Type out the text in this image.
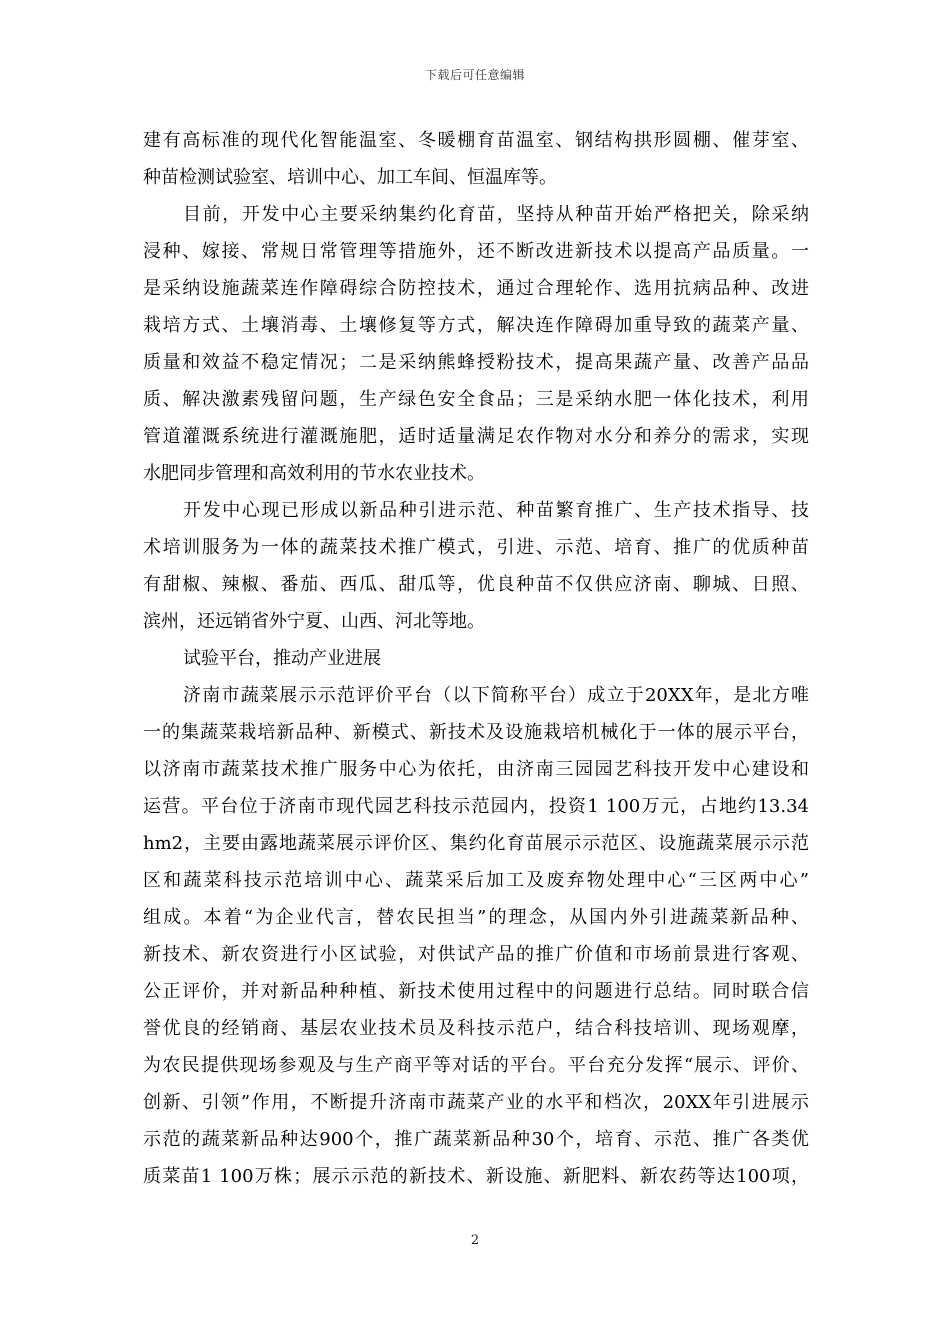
下载后可任意编辑
建有高标准的现代化智能温室、冬暖棚育苗温室、钢结构拱形圆棚、催芽室、
种苗检测试验室、培训中心、加工车间、恒温库等。
目前，开发中心主要采纳集约化育苗，坚持从种苗开始严格把关，除采纳
浸种、嫁接、常规日常管理等措施外，还不断改进新技术以提高产品质量。一
是采纳设施蔬菜连作障碍综合防控技术，通过合理轮作、选用抗病品种、改进
栽培方式、土壤消毒、土壤修复等方式，解决连作障碍加重导致的蔬菜产量、
质量和效益不稳定情况；二是采纳熊蜂授粉技术，提高果蔬产量、改善产品品
质、解决激素残留问题，生产绿色安全食品；三是采纳水肥一体化技术，利用
管道灌溉系统进行灌溉施肥，适时适量满足农作物对水分和养分的需求，实现
水肥同步管理和高效利用的节水农业技术。
开发中心现已形成以新品种引进示范、种苗繁育推广、生产技术指导、技
术培训服务为一体的蔬菜技术推广模式，引进、示范、培育、推广的优质种苗
有甜椒、辣椒、番茄、西瓜、甜瓜等，优良种苗不仅供应济南、聊城、日照、
滨州，还远销省外宁夏、山西、河北等地。
试验平台，推动产业进展
济南市蔬菜展示示范评价平台（以下简称平台）成立于20XX年，是北方唯
一的集蔬菜栽培新品种、新模式、新技术及设施栽培机械化于一体的展示平台，
以济南市蔬菜技术推广服务中心为依托，由济南三园园艺科技开发中心建设和
运营。平台位于济南市现代园艺科技示范园内，投资1 100万元，占地约13.34
hm2，主要由露地蔬菜展示评价区、集约化育苗展示示范区、设施蔬菜展示示范
区和蔬菜科技示范培训中心、蔬菜采后加工及废弃物处理中心“三区两中心”
组成。本着“为企业代言，替农民担当”的理念，从国内外引进蔬菜新品种、
新技术、新农资进行小区试验，对供试产品的推广价值和市场前景进行客观、
公正评价，并对新品种种植、新技术使用过程中的问题进行总结。同时联合信
誉优良的经销商、基层农业技术员及科技示范户，结合科技培训、现场观摩，
为农民提供现场参观及与生产商平等对话的平台。平台充分发挥“展示、评价、
创新、引领”作用，不断提升济南市蔬菜产业的水平和档次，20XX年引进展示
示范的蔬菜新品种达900个，推广蔬菜新品种30个，培育、示范、推广各类优
质菜苗1 100万株；展示示范的新技术、新设施、新肥料、新农药等达100项，
2
